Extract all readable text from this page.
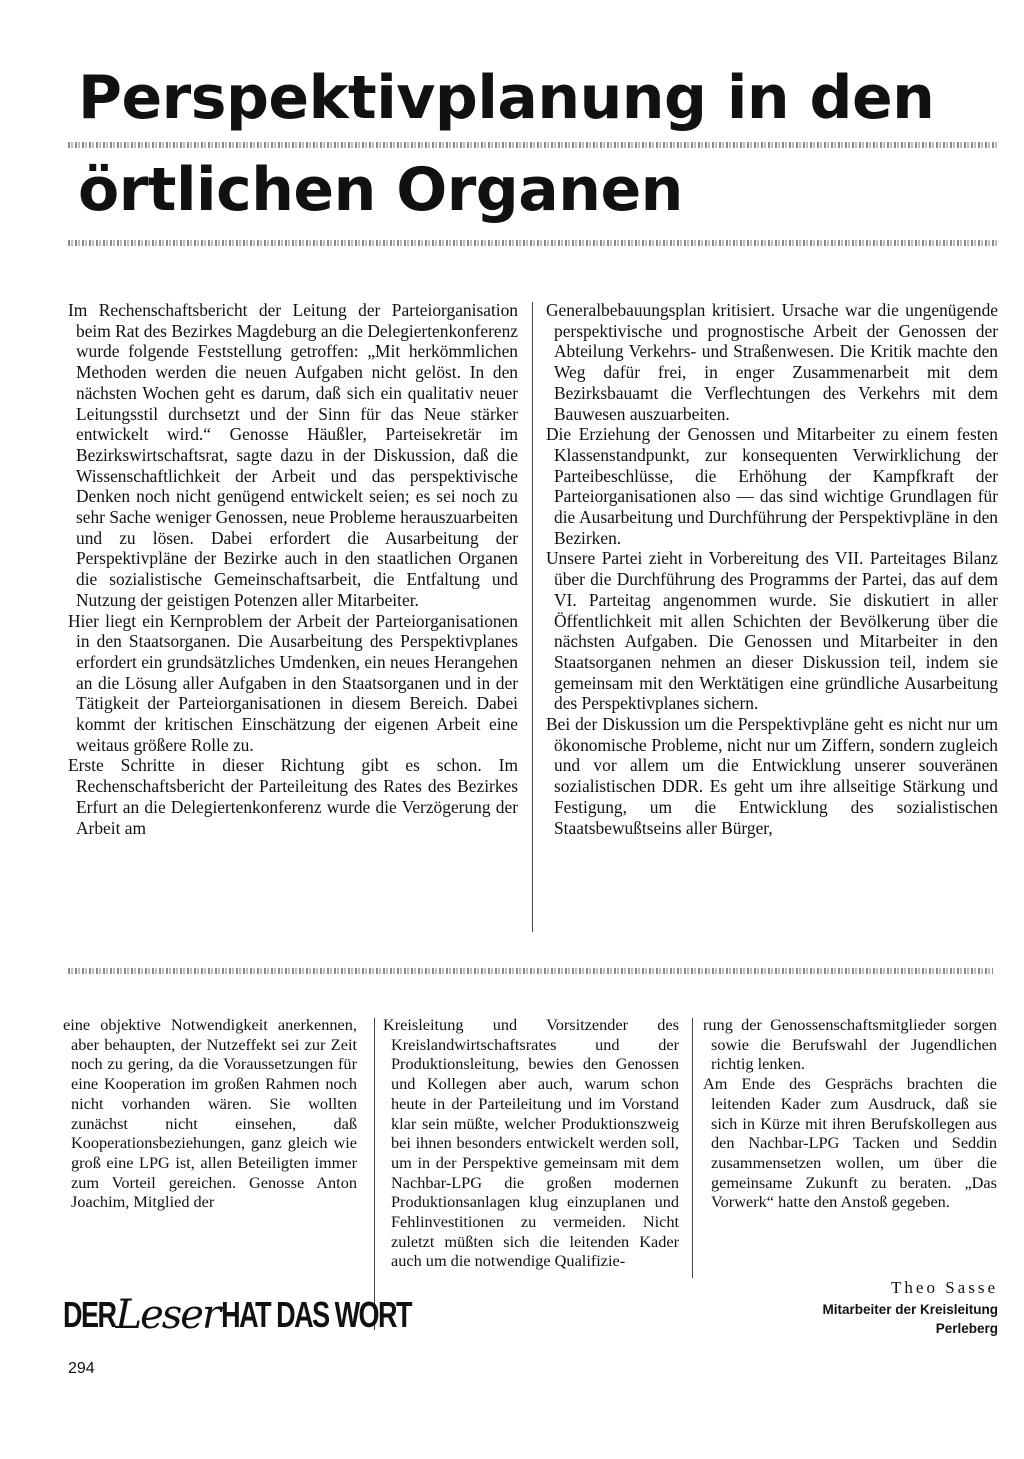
Perspektivplanung in den
örtlichen Organen

Im Rechenschaftsbericht der Leitung der Parteiorganisation beim Rat des Bezirkes Magdeburg an die Delegiertenkonferenz wurde folgende Feststellung getroffen: „Mit herkömmlichen Methoden werden die neuen Aufgaben nicht gelöst. In den nächsten Wochen geht es darum, daß sich ein qualitativ neuer Leitungsstil durchsetzt und der Sinn für das Neue stärker entwickelt wird.“ Genosse Häußler, Parteisekretär im Bezirkswirtschaftsrat, sagte dazu in der Diskussion, daß die Wissenschaftlichkeit der Arbeit und das perspektivische Denken noch nicht genügend entwickelt seien; es sei noch zu sehr Sache weniger Genossen, neue Probleme herauszuarbeiten und zu lösen. Dabei erfordert die Ausarbeitung der Perspektivpläne der Bezirke auch in den staatlichen Organen die sozialistische Gemeinschaftsarbeit, die Entfaltung und Nutzung der geistigen Potenzen aller Mitarbeiter.

Hier liegt ein Kernproblem der Arbeit der Parteiorganisationen in den Staatsorganen. Die Ausarbeitung des Perspektivplanes erfordert ein grundsätzliches Umdenken, ein neues Herangehen an die Lösung aller Aufgaben in den Staatsorganen und in der Tätigkeit der Parteiorganisationen in diesem Bereich. Dabei kommt der kritischen Einschätzung der eigenen Arbeit eine weitaus größere Rolle zu.

Erste Schritte in dieser Richtung gibt es schon. Im Rechenschaftsbericht der Parteileitung des Rates des Bezirkes Erfurt an die Delegiertenkonferenz wurde die Verzögerung der Arbeit am

Generalbebauungsplan kritisiert. Ursache war die ungenügende perspektivische und prognostische Arbeit der Genossen der Abteilung Verkehrs- und Straßenwesen. Die Kritik machte den Weg dafür frei, in enger Zusammenarbeit mit dem Bezirksbauamt die Verflechtungen des Verkehrs mit dem Bauwesen auszuarbeiten.

Die Erziehung der Genossen und Mitarbeiter zu einem festen Klassenstandpunkt, zur konsequenten Verwirklichung der Parteibeschlüsse, die Erhöhung der Kampfkraft der Parteiorganisationen also — das sind wichtige Grundlagen für die Ausarbeitung und Durchführung der Perspektivpläne in den Bezirken.

Unsere Partei zieht in Vorbereitung des VII. Parteitages Bilanz über die Durchführung des Programms der Partei, das auf dem VI. Parteitag angenommen wurde. Sie diskutiert in aller Öffentlichkeit mit allen Schichten der Bevölkerung über die nächsten Aufgaben. Die Genossen und Mitarbeiter in den Staatsorganen nehmen an dieser Diskussion teil, indem sie gemeinsam mit den Werktätigen eine gründliche Ausarbeitung des Perspektivplanes sichern.

Bei der Diskussion um die Perspektivpläne geht es nicht nur um ökonomische Probleme, nicht nur um Ziffern, sondern zugleich und vor allem um die Entwicklung unserer souveränen sozialistischen DDR. Es geht um ihre allseitige Stärkung und Festigung, um die Entwicklung des sozialistischen Staatsbewußtseins aller Bürger,

eine objektive Notwendigkeit anerkennen, aber behaupten, der Nutzeffekt sei zur Zeit noch zu gering, da die Voraussetzungen für eine Kooperation im großen Rahmen noch nicht vorhanden wären. Sie wollten zunächst nicht einsehen, daß Kooperationsbeziehungen, ganz gleich wie groß eine LPG ist, allen Beteiligten immer zum Vorteil gereichen. Genosse Anton Joachim, Mitglied der

Kreisleitung und Vorsitzender des Kreislandwirtschaftsrates und der Produktionsleitung, bewies den Genossen und Kollegen aber auch, warum schon heute in der Parteileitung und im Vorstand klar sein müßte, welcher Produktionszweig bei ihnen besonders entwickelt werden soll, um in der Perspektive gemeinsam mit dem Nachbar-LPG die großen modernen Produktionsanlagen klug einzuplanen und Fehlinvestitionen zu vermeiden. Nicht zuletzt müßten sich die leitenden Kader auch um die notwendige Qualifizie-

rung der Genossenschaftsmitglieder sorgen sowie die Berufswahl der Jugendlichen richtig lenken.

Am Ende des Gesprächs brachten die leitenden Kader zum Ausdruck, daß sie sich in Kürze mit ihren Berufskollegen aus den Nachbar-LPG Tacken und Seddin zusammensetzen wollen, um über die gemeinsame Zukunft zu beraten. „Das Vorwerk“ hatte den Anstoß gegeben.

Theo Sasse

Mitarbeiter der Kreisleitung
Perleberg

DER Leser HAT DAS WORT

294
